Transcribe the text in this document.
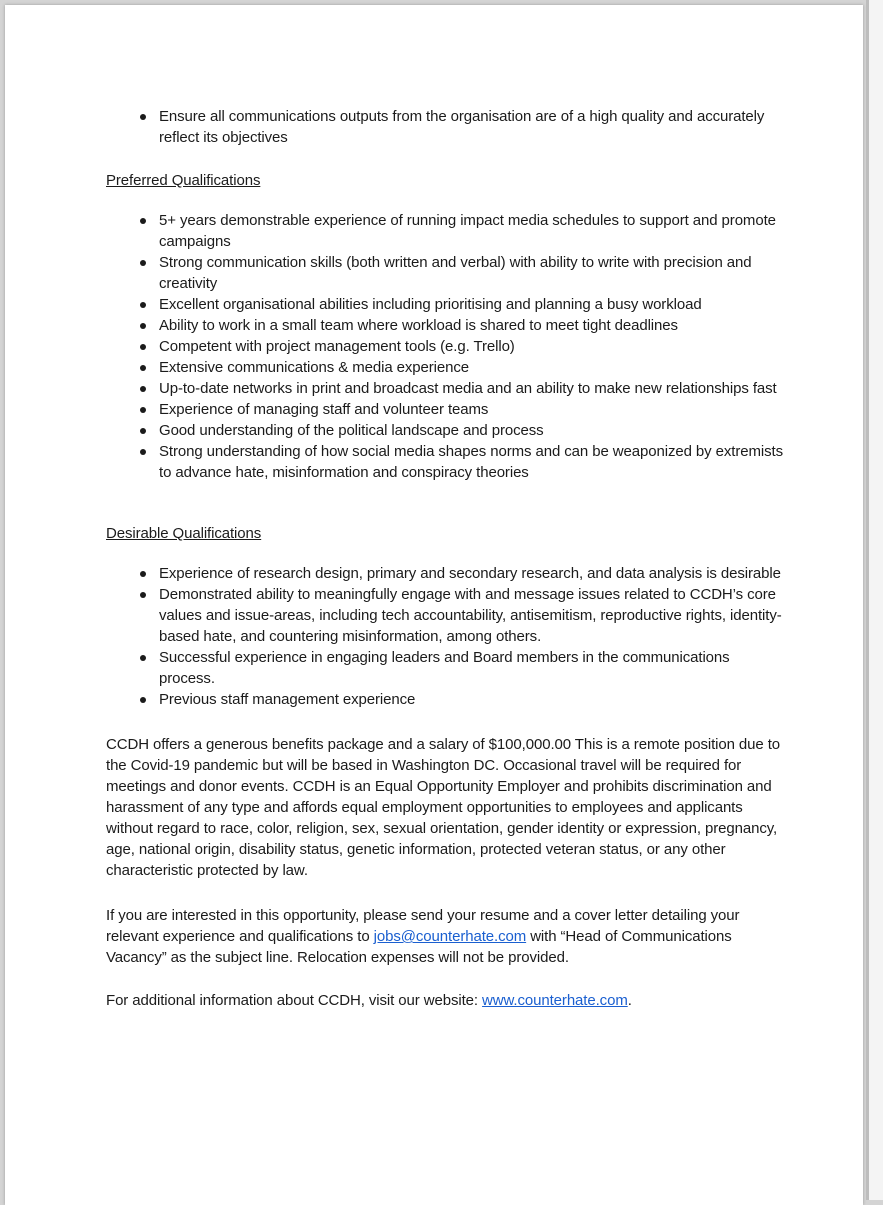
Ensure all communications outputs from the organisation are of a high quality and accurately reflect its objectives
Preferred Qualifications
5+ years demonstrable experience of running impact media schedules to support and promote campaigns
Strong communication skills (both written and verbal) with ability to write with precision and creativity
Excellent organisational abilities including prioritising and planning a busy workload
Ability to work in a small team where workload is shared to meet tight deadlines
Competent with project management tools (e.g. Trello)
Extensive communications & media experience
Up-to-date networks in print and broadcast media and an ability to make new relationships fast
Experience of managing staff and volunteer teams
Good understanding of the political landscape and process
Strong understanding of how social media shapes norms and can be weaponized by extremists to advance hate, misinformation and conspiracy theories
Desirable Qualifications
Experience of research design, primary and secondary research, and data analysis is desirable
Demonstrated ability to meaningfully engage with and message issues related to CCDH’s core values and issue-areas, including tech accountability, antisemitism, reproductive rights, identity-based hate, and countering misinformation, among others.
Successful experience in engaging leaders and Board members in the communications process.
Previous staff management experience

CCDH offers a generous benefits package and a salary of $100,000.00 This is a remote position due to the Covid-19 pandemic but will be based in Washington DC. Occasional travel will be required for meetings and donor events. CCDH is an Equal Opportunity Employer and prohibits discrimination and harassment of any type and affords equal employment opportunities to employees and applicants without regard to race, color, religion, sex, sexual orientation, gender identity or expression, pregnancy, age, national origin, disability status, genetic information, protected veteran status, or any other characteristic protected by law.

If you are interested in this opportunity, please send your resume and a cover letter detailing your relevant experience and qualifications to jobs@counterhate.com with “Head of Communications Vacancy” as the subject line. Relocation expenses will not be provided.

For additional information about CCDH, visit our website: www.counterhate.com.
